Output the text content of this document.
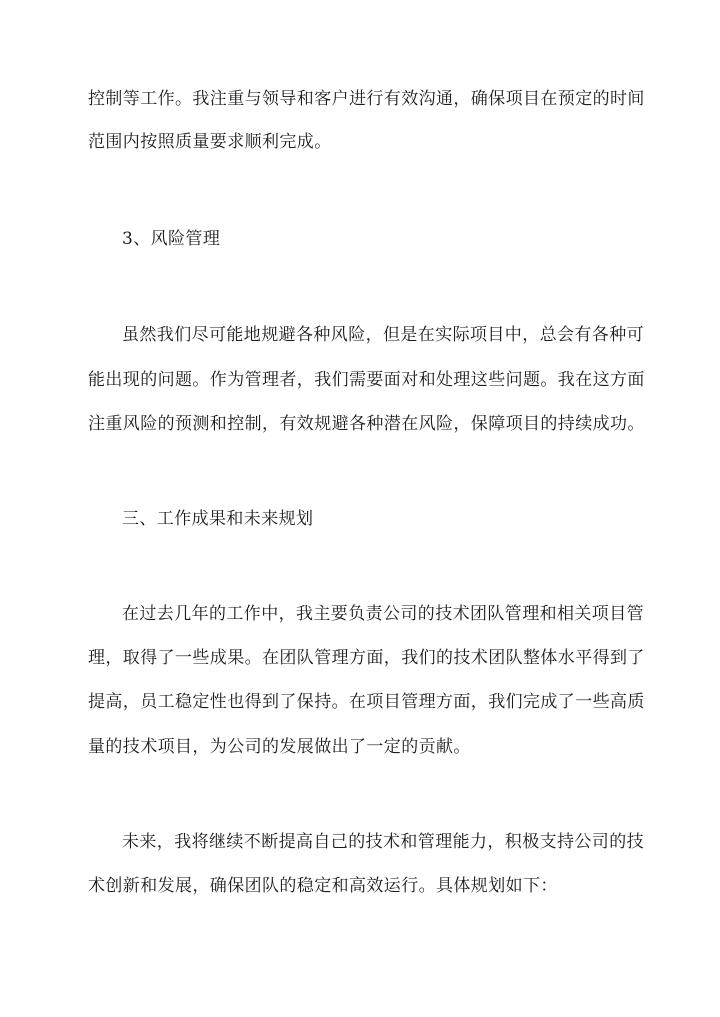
控制等工作。我注重与领导和客户进行有效沟通，确保项目在预定的时间
范围内按照质量要求顺利完成。
3、风险管理
虽然我们尽可能地规避各种风险，但是在实际项目中，总会有各种可
能出现的问题。作为管理者，我们需要面对和处理这些问题。我在这方面
注重风险的预测和控制，有效规避各种潜在风险，保障项目的持续成功。
三、工作成果和未来规划
在过去几年的工作中，我主要负责公司的技术团队管理和相关项目管
理，取得了一些成果。在团队管理方面，我们的技术团队整体水平得到了
提高，员工稳定性也得到了保持。在项目管理方面，我们完成了一些高质
量的技术项目，为公司的发展做出了一定的贡献。
未来，我将继续不断提高自己的技术和管理能力，积极支持公司的技
术创新和发展，确保团队的稳定和高效运行。具体规划如下：
